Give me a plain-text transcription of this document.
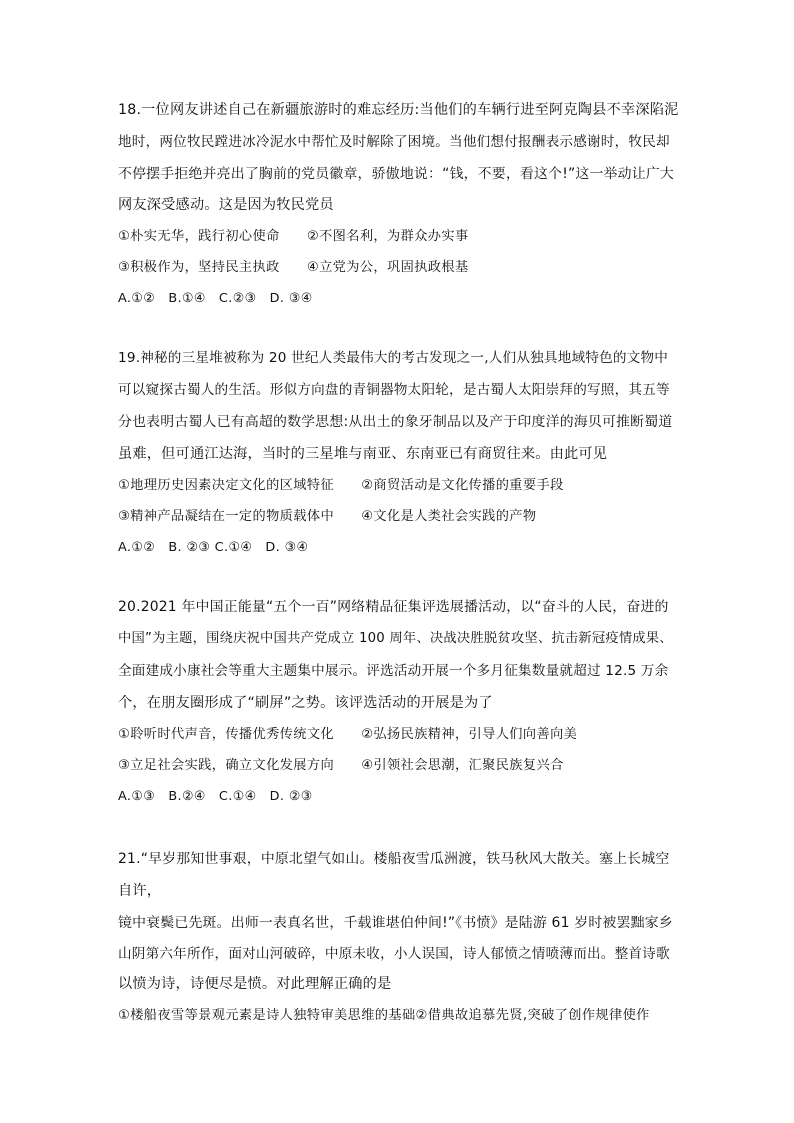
18.一位网友讲述自己在新疆旅游时的难忘经历:当他们的车辆行进至阿克陶县不幸深陷泥
地时，两位牧民蹚进冰冷泥水中帮忙及时解除了困境。当他们想付报酬表示感谢时，牧民却
不停摆手拒绝并亮出了胸前的党员徽章，骄傲地说：“钱，不要，看这个!”这一举动让广大
网友深受感动。这是因为牧民党员
①朴实无华，践行初心使命　　②不图名利，为群众办实事
③积极作为，坚持民主执政　　④立党为公，巩固执政根基
A.①②　B.①④　C.②③　D. ③④
19.神秘的三星堆被称为 20 世纪人类最伟大的考古发现之一,人们从独具地域特色的文物中
可以窥探古蜀人的生活。形似方向盘的青铜器物太阳轮，是古蜀人太阳崇拜的写照，其五等
分也表明古蜀人已有高超的数学思想:从出土的象牙制品以及产于印度洋的海贝可推断蜀道
虽难，但可通江达海，当时的三星堆与南亚、东南亚已有商贸往来。由此可见
①地理历史因素决定文化的区域特征　　②商贸活动是文化传播的重要手段
③精神产品凝结在一定的物质载体中　　④文化是人类社会实践的产物
A.①②　B. ②③ C.①④　D. ③④
20.2021 年中国正能量“五个一百”网络精品征集评选展播活动，以“奋斗的人民，奋进的
中国”为主题，围绕庆祝中国共产党成立 100 周年、决战决胜脱贫攻坚、抗击新冠疫情成果、
全面建成小康社会等重大主题集中展示。评选活动开展一个多月征集数量就超过 12.5 万余
个，在朋友圈形成了“刷屏”之势。该评选活动的开展是为了
①聆听时代声音，传播优秀传统文化　　②弘扬民族精神，引导人们向善向美
③立足社会实践，确立文化发展方向　　④引领社会思潮，汇聚民族复兴合
A.①③　B.②④　C.①④　D. ②③
21.“早岁那知世事艰，中原北望气如山。楼船夜雪瓜洲渡，铁马秋风大散关。塞上长城空
自许，
镜中衰鬓已先斑。出师一表真名世，千载谁堪伯仲间!”《书愤》是陆游 61 岁时被罢黜家乡
山阴第六年所作，面对山河破碎，中原未收，小人误国，诗人郁愤之情喷薄而出。整首诗歌
以愤为诗，诗便尽是愤。对此理解正确的是
①楼船夜雪等景观元素是诗人独特审美思维的基础②借典故追慕先贤,突破了创作规律使作
